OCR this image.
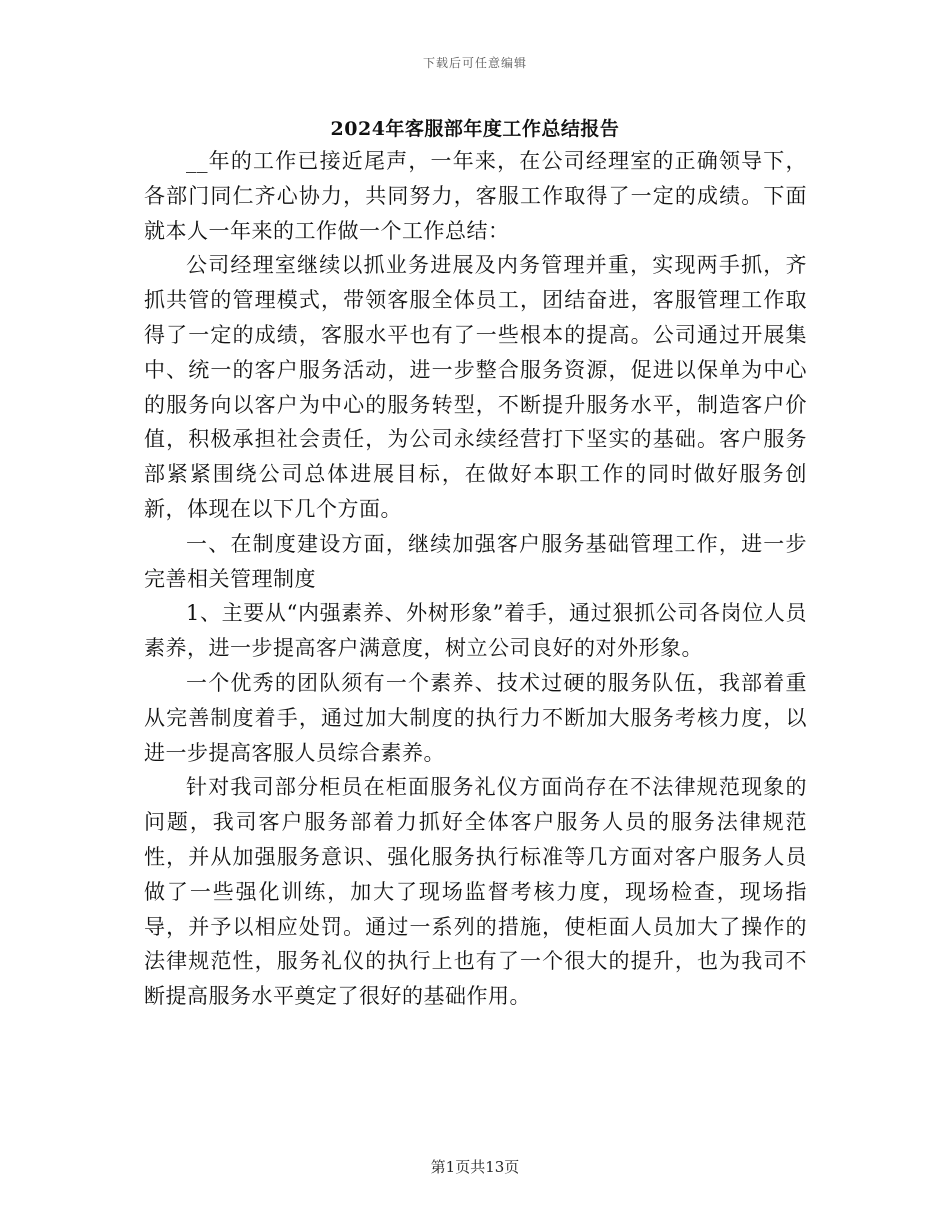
下载后可任意编辑
2024年客服部年度工作总结报告

__年的工作已接近尾声，一年来，在公司经理室的正确领导下，各部门同仁齐心协力，共同努力，客服工作取得了一定的成绩。下面就本人一年来的工作做一个工作总结：

公司经理室继续以抓业务进展及内务管理并重，实现两手抓，齐抓共管的管理模式，带领客服全体员工，团结奋进，客服管理工作取得了一定的成绩，客服水平也有了一些根本的提高。公司通过开展集中、统一的客户服务活动，进一步整合服务资源，促进以保单为中心的服务向以客户为中心的服务转型，不断提升服务水平，制造客户价值，积极承担社会责任，为公司永续经营打下坚实的基础。客户服务部紧紧围绕公司总体进展目标，在做好本职工作的同时做好服务创新，体现在以下几个方面。

一、在制度建设方面，继续加强客户服务基础管理工作，进一步完善相关管理制度

1、主要从“内强素养、外树形象”着手，通过狠抓公司各岗位人员素养，进一步提高客户满意度，树立公司良好的对外形象。

一个优秀的团队须有一个素养、技术过硬的服务队伍，我部着重从完善制度着手，通过加大制度的执行力不断加大服务考核力度，以进一步提高客服人员综合素养。

针对我司部分柜员在柜面服务礼仪方面尚存在不法律规范现象的问题，我司客户服务部着力抓好全体客户服务人员的服务法律规范性，并从加强服务意识、强化服务执行标准等几方面对客户服务人员做了一些强化训练，加大了现场监督考核力度，现场检查，现场指导，并予以相应处罚。通过一系列的措施，使柜面人员加大了操作的法律规范性，服务礼仪的执行上也有了一个很大的提升，也为我司不断提高服务水平奠定了很好的基础作用。

第1页共13页
